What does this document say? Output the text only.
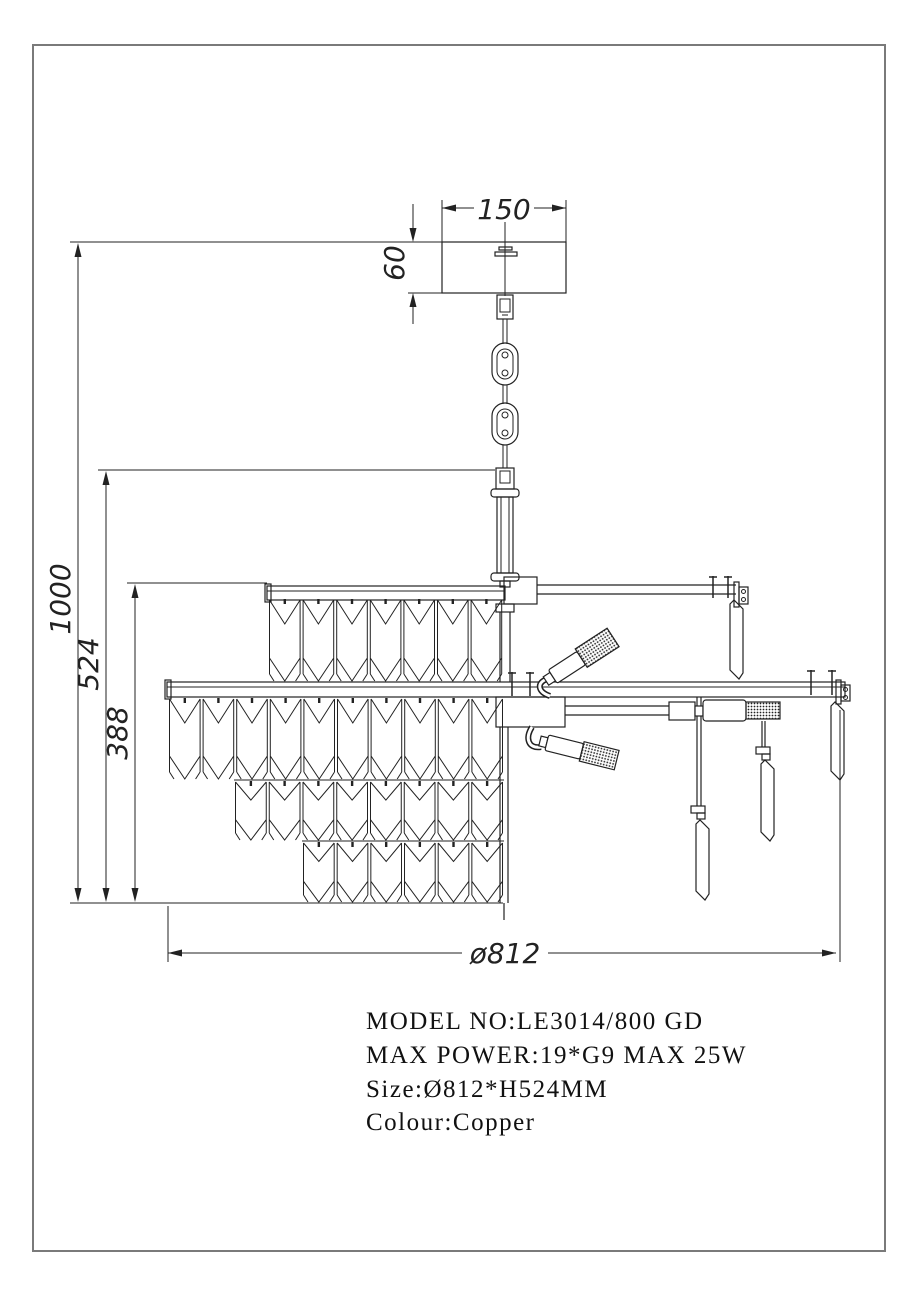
150
60
1000
524
388
ø812
MODEL NO:LE3014/800 GD
MAX POWER:19*G9 MAX 25W
Size:Ø812*H524MM
Colour:Copper
